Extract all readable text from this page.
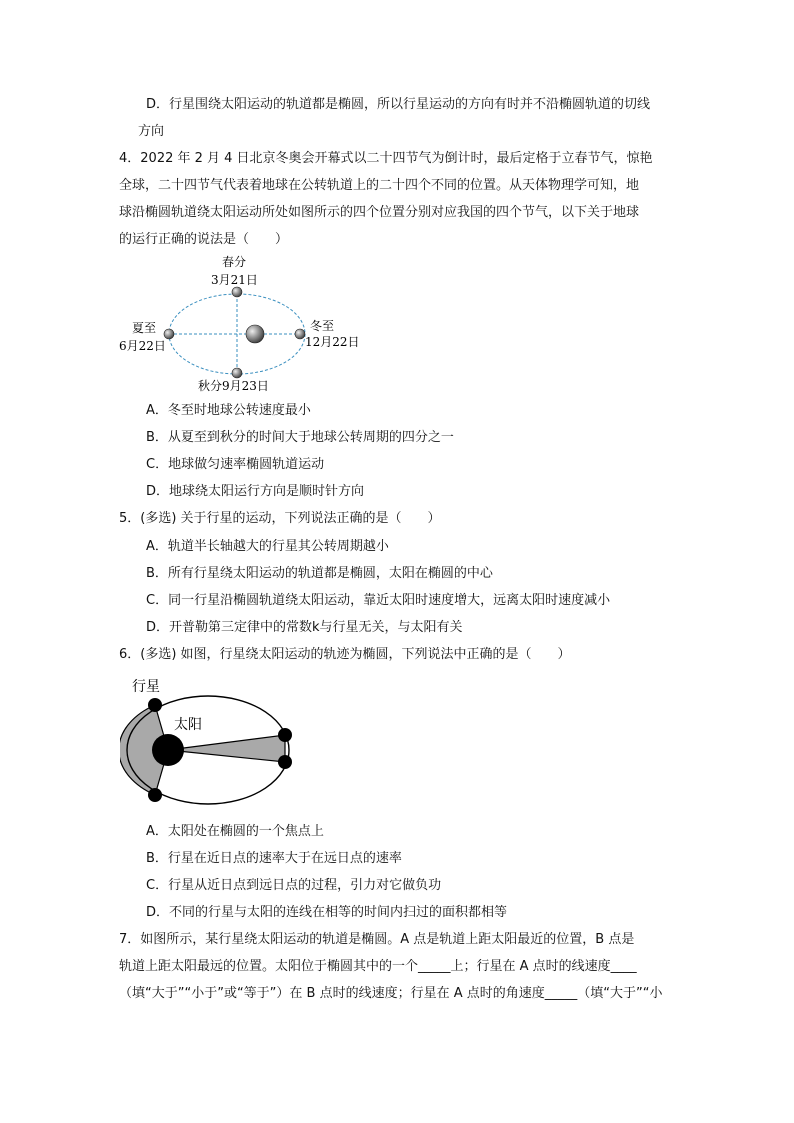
D．行星围绕太阳运动的轨道都是椭圆，所以行星运动的方向有时并不沿椭圆轨道的切线
方向
4．2022 年 2 月 4 日北京冬奥会开幕式以二十四节气为倒计时，最后定格于立春节气，惊艳
全球，二十四节气代表着地球在公转轨道上的二十四个不同的位置。从天体物理学可知，地
球沿椭圆轨道绕太阳运动所处如图所示的四个位置分别对应我国的四个节气，以下关于地球
的运行正确的说法是（　　）
春分
3月21日
夏至
6月22日
冬至
12月22日
秋分9月23日
A．冬至时地球公转速度最小
B．从夏至到秋分的时间大于地球公转周期的四分之一
C．地球做匀速率椭圆轨道运动
D．地球绕太阳运行方向是顺时针方向
5．(多选) 关于行星的运动，下列说法正确的是（　　）
A．轨道半长轴越大的行星其公转周期越小
B．所有行星绕太阳运动的轨道都是椭圆，太阳在椭圆的中心
C．同一行星沿椭圆轨道绕太阳运动，靠近太阳时速度增大，远离太阳时速度减小
D．开普勒第三定律中的常数k与行星无关，与太阳有关
6．(多选) 如图，行星绕太阳运动的轨迹为椭圆，下列说法中正确的是（　　）
行星
太阳
A．太阳处在椭圆的一个焦点上
B．行星在近日点的速率大于在远日点的速率
C．行星从近日点到远日点的过程，引力对它做负功
D．不同的行星与太阳的连线在相等的时间内扫过的面积都相等
7．如图所示，某行星绕太阳运动的轨道是椭圆。A 点是轨道上距太阳最近的位置，B 点是
轨道上距太阳最远的位置。太阳位于椭圆其中的一个_____上；行星在 A 点时的线速度____
（填“大于”“小于”或“等于”）在 B 点时的线速度；行星在 A 点时的角速度_____（填“大于”“小
